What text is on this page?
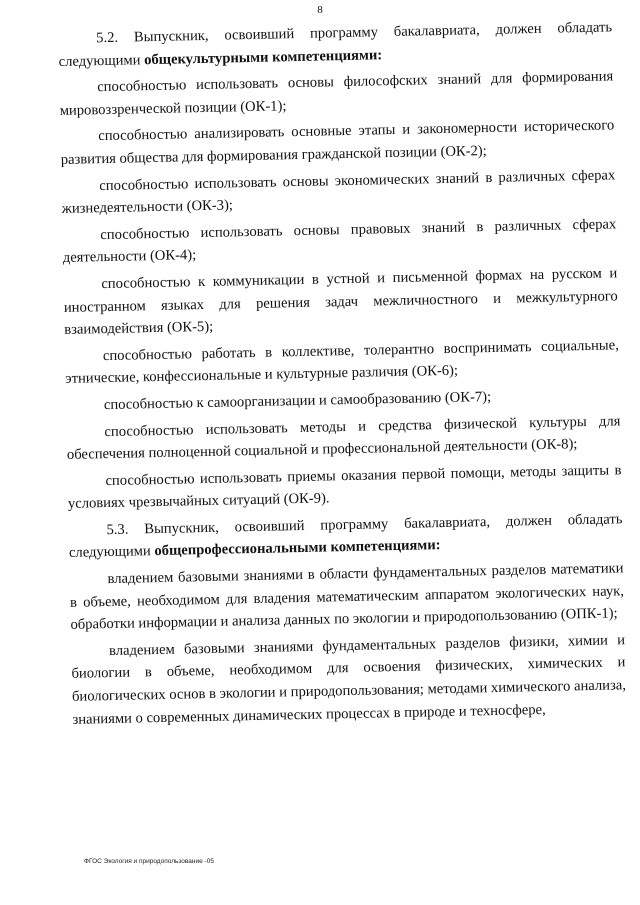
8

5.2. Выпускник, освоивший программу бакалавриата, должен обладать следующими общекультурными компетенциями:

способностью использовать основы философских знаний для формирования мировоззренческой позиции (ОК-1);

способностью анализировать основные этапы и закономерности исторического развития общества для формирования гражданской позиции (ОК-2);

способностью использовать основы экономических знаний в различных сферах жизнедеятельности (ОК-3);

способностью использовать основы правовых знаний в различных сферах деятельности (ОК-4);

способностью к коммуникации в устной и письменной формах на русском и иностранном языках для решения задач межличностного и межкультурного взаимодействия (ОК-5);

способностью работать в коллективе, толерантно воспринимать социальные, этнические, конфессиональные и культурные различия (ОК-6);

способностью к самоорганизации и самообразованию (ОК-7);

способностью использовать методы и средства физической культуры для обеспечения полноценной социальной и профессиональной деятельности (ОК-8);

способностью использовать приемы оказания первой помощи, методы защиты в условиях чрезвычайных ситуаций (ОК-9).

5.3. Выпускник, освоивший программу бакалавриата, должен обладать следующими общепрофессиональными компетенциями:

владением базовыми знаниями в области фундаментальных разделов математики в объеме, необходимом для владения математическим аппаратом экологических наук, обработки информации и анализа данных по экологии и природопользованию (ОПК-1);

владением базовыми знаниями фундаментальных разделов физики, химии и биологии в объеме, необходимом для освоения физических, химических и биологических основ в экологии и природопользования; методами химического анализа, знаниями о современных динамических процессах в природе и техносфере,

ФГОС Экология и природопользование -05
